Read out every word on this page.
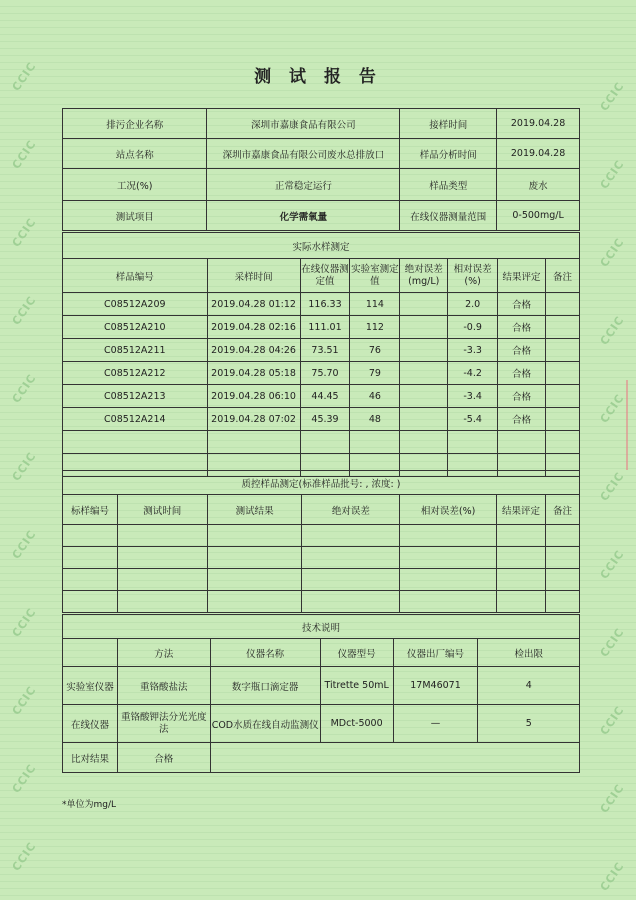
CCIC
CCIC
CCIC
CCIC
CCIC
CCIC
CCIC
CCIC
CCIC
CCIC
CCIC
CCIC
CCIC
CCIC
CCIC
CCIC
CCIC
CCIC
CCIC
CCIC
CCIC
CCIC
测 试 报 告
排污企业名称	深圳市嘉康食品有限公司	接样时间	2019.04.28
站点名称	深圳市嘉康食品有限公司废水总排放口	样品分析时间	2019.04.28
工况(%)	正常稳定运行	样品类型	废水
测试项目	化学需氧量	在线仪器测量范围	0-500mg/L
实际水样测定							
样品编号	采样时间	在线仪器测定值	实验室测定值	绝对误差(mg/L)	相对误差(%)	结果评定	备注
C08512A209	2019.04.28 01:12	116.33	114		2.0	合格	
C08512A210	2019.04.28 02:16	111.01	112		-0.9	合格	
C08512A211	2019.04.28 04:26	73.51	76		-3.3	合格	
C08512A212	2019.04.28 05:18	75.70	79		-4.2	合格	
C08512A213	2019.04.28 06:10	44.45	46		-3.4	合格	
C08512A214	2019.04.28 07:02	45.39	48		-5.4	合格	

质控样品测定(标准样品批号: , 浓度: )						
标样编号	测试时间	测试结果	绝对误差	相对误差(%)	结果评定	备注

技术说明					
	方法	仪器名称	仪器型号	仪器出厂编号	检出限
实验室仪器	重铬酸盐法	数字瓶口滴定器	Titrette 50mL	17M46071	4
在线仪器	重铬酸钾法分光光度法	COD水质在线自动监测仪	MDct-5000	—	5
比对结果	合格				
*单位为mg/L
